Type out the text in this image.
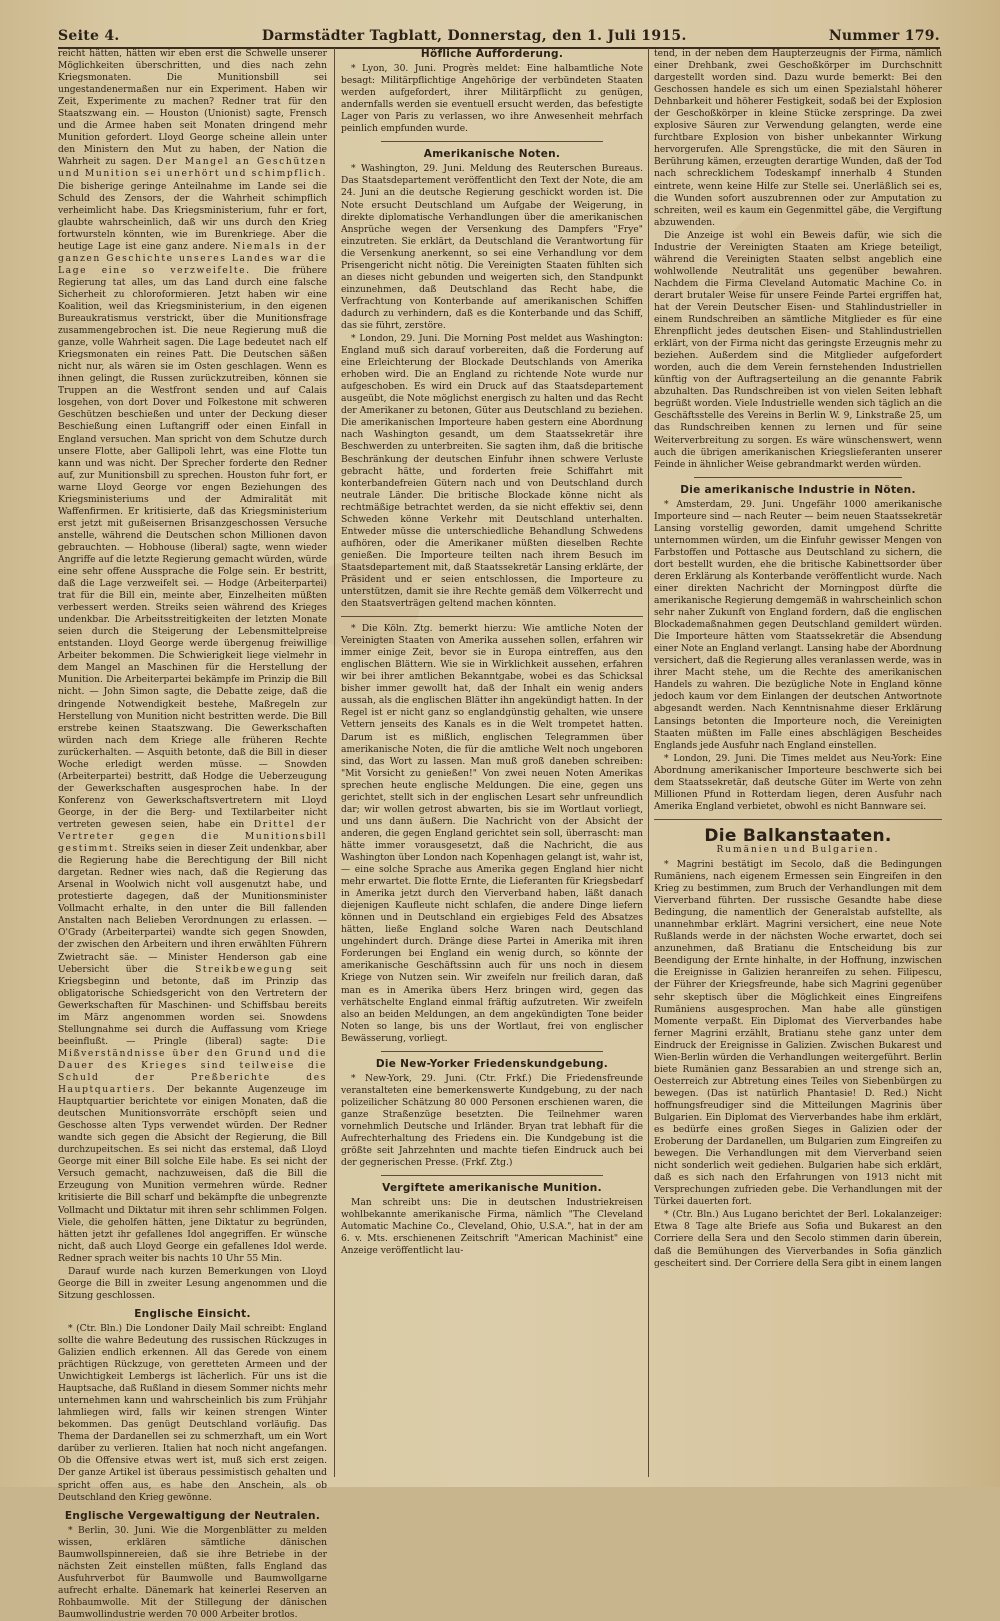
Seite 4.	Darmstädter Tagblatt, Donnerstag, den 1. Juli 1915.	Nummer 179.

reicht hätten, hätten wir eben erst die Schwelle unserer Möglichkeiten überschritten, und dies nach zehn Kriegsmonaten. Die Munitionsbill sei ungestandenermaßen nur ein Experiment. Haben wir Zeit, Experimente zu machen? Redner trat für den Staatszwang ein. — Houston (Unionist) sagte, Frensch und die Armee haben seit Monaten dringend mehr Munition gefordert. Lloyd George scheine allein unter den Ministern den Mut zu haben, der Nation die Wahrheit zu sagen. Der Mangel an Geschützen und Munition sei unerhört und schimpflich. Die bisherige geringe Anteilnahme im Lande sei die Schuld des Zensors, der die Wahrheit schimpflich verheimlicht habe. Das Kriegsministerium, fuhr er fort, glaubte wahrscheinlich, daß wir uns durch den Krieg fortwursteln könnten, wie im Burenkriege. Aber die heutige Lage ist eine ganz andere. Niemals in der ganzen Geschichte unseres Landes war die Lage eine so verzweifelte. Die frühere Regierung tat alles, um das Land durch eine falsche Sicherheit zu chloroformieren. Jetzt haben wir eine Koalition, weil das Kriegsministerium, in den eigenen Bureaukratismus verstrickt, über die Munitionsfrage zusammengebrochen ist. Die neue Regierung muß die ganze, volle Wahrheit sagen. Die Lage bedeutet nach elf Kriegsmonaten ein reines Patt. Die Deutschen säßen nicht nur, als wären sie im Osten geschlagen. Wenn es ihnen gelingt, die Russen zurückzutreiben, können sie Truppen an die Westfront senden und auf Calais losgehen, von dort Dover und Folkestone mit schweren Geschützen beschießen und unter der Deckung dieser Beschießung einen Luftangriff oder einen Einfall in England versuchen. Man spricht von dem Schutze durch unsere Flotte, aber Gallipoli lehrt, was eine Flotte tun kann und was nicht. Der Sprecher forderte den Redner auf, zur Munitionsbill zu sprechen. Houston fuhr fort, er warne Lloyd George vor engen Beziehungen des Kriegsministeriums und der Admiralität mit Waffenfirmen. Er kritisierte, daß das Kriegsministerium erst jetzt mit gußeisernen Brisanzgeschossen Versuche anstelle, während die Deutschen schon Millionen davon gebrauchten. — Hobhouse (liberal) sagte, wenn wieder Angriffe auf die letzte Regierung gemacht würden, würde eine sehr offene Aussprache die Folge sein. Er bestritt, daß die Lage verzweifelt sei. — Hodge (Arbeiterpartei) trat für die Bill ein, meinte aber, Einzelheiten müßten verbessert werden. Streiks seien während des Krieges undenkbar. Die Arbeitsstreitigkeiten der letzten Monate seien durch die Steigerung der Lebensmittelpreise entstanden. Lloyd George werde übergenug freiwillige Arbeiter bekommen. Die Schwierigkeit liege vielmehr in dem Mangel an Maschinen für die Herstellung der Munition. Die Arbeiterpartei bekämpfe im Prinzip die Bill nicht. — John Simon sagte, die Debatte zeige, daß die dringende Notwendigkeit bestehe, Maßregeln zur Herstellung von Munition nicht bestritten werde. Die Bill erstrebe keinen Staatszwang. Die Gewerkschaften würden nach dem Kriege alle früheren Rechte zurückerhalten. — Asquith betonte, daß die Bill in dieser Woche erledigt werden müsse. — Snowden (Arbeiterpartei) bestritt, daß Hodge die Ueberzeugung der Gewerkschaften ausgesprochen habe. In der Konferenz von Gewerkschaftsvertretern mit Lloyd George, in der die Berg- und Textilarbeiter nicht vertreten gewesen seien, habe ein Drittel der Vertreter gegen die Munitionsbill gestimmt. Streiks seien in dieser Zeit undenkbar, aber die Regierung habe die Berechtigung der Bill nicht dargetan. Redner wies nach, daß die Regierung das Arsenal in Woolwich nicht voll ausgenutzt habe, und protestierte dagegen, daß der Munitionsminister Vollmacht erhalte, in den unter die Bill fallenden Anstalten nach Belieben Verordnungen zu erlassen. — O'Grady (Arbeiterpartei) wandte sich gegen Snowden, der zwischen den Arbeitern und ihren erwählten Führern Zwietracht säe. — Minister Henderson gab eine Uebersicht über die Streikbewegung seit Kriegsbeginn und betonte, daß im Prinzip das obligatorische Schiedsgericht von den Vertretern der Gewerkschaften für Maschinen- und Schiffsbau bereits im März angenommen worden sei. Snowdens Stellungnahme sei durch die Auffassung vom Kriege beeinflußt. — Pringle (liberal) sagte: Die Mißverständnisse über den Grund und die Dauer des Krieges sind teilweise die Schuld der Preßberichte des Hauptquartiers. Der bekannte Augenzeuge im Hauptquartier berichtete vor einigen Monaten, daß die deutschen Munitionsvorräte erschöpft seien und Geschosse alten Typs verwendet würden. Der Redner wandte sich gegen die Absicht der Regierung, die Bill durchzupeitschen. Es sei nicht das erstemal, daß Lloyd George mit einer Bill solche Eile habe. Es sei nicht der Versuch gemacht, nachzuweisen, daß die Bill die Erzeugung von Munition vermehren würde. Redner kritisierte die Bill scharf und bekämpfte die unbegrenzte Vollmacht und Diktatur mit ihren sehr schlimmen Folgen. Viele, die geholfen hätten, jene Diktatur zu begründen, hätten jetzt ihr gefallenes Idol angegriffen. Er wünsche nicht, daß auch Lloyd George ein gefallenes Idol werde. Redner sprach weiter bis nachts 10 Uhr 55 Min.

Darauf wurde nach kurzen Bemerkungen von Lloyd George die Bill in zweiter Lesung angenommen und die Sitzung geschlossen.

Englische Einsicht.

* (Ctr. Bln.) Die Londoner Daily Mail schreibt: England sollte die wahre Bedeutung des russischen Rückzuges in Galizien endlich erkennen. All das Gerede von einem prächtigen Rückzuge, von geretteten Armeen und der Unwichtigkeit Lembergs ist lächerlich. Für uns ist die Hauptsache, daß Rußland in diesem Sommer nichts mehr unternehmen kann und wahrscheinlich bis zum Frühjahr lahmliegen wird, falls wir keinen strengen Winter bekommen. Das genügt Deutschland vorläufig. Das Thema der Dardanellen sei zu schmerzhaft, um ein Wort darüber zu verlieren. Italien hat noch nicht angefangen. Ob die Offensive etwas wert ist, muß sich erst zeigen. Der ganze Artikel ist überaus pessimistisch gehalten und spricht offen aus, es habe den Anschein, als ob Deutschland den Krieg gewönne.

Englische Vergewaltigung der Neutralen.

* Berlin, 30. Juni. Wie die Morgenblätter zu melden wissen, erklären sämtliche dänischen Baumwollspinnereien, daß sie ihre Betriebe in der nächsten Zeit einstellen müßten, falls England das Ausfuhrverbot für Baumwolle und Baumwollgarne aufrecht erhalte. Dänemark hat keinerlei Reserven an Rohbaumwolle. Mit der Stillegung der dänischen Baumwollindustrie werden 70 000 Arbeiter brotlos.

Höfliche Aufforderung.

* Lyon, 30. Juni. Progrès meldet: Eine halbamtliche Note besagt: Militärpflichtige Angehörige der verbündeten Staaten werden aufgefordert, ihrer Militärpflicht zu genügen, andernfalls werden sie eventuell ersucht werden, das befestigte Lager von Paris zu verlassen, wo ihre Anwesenheit mehrfach peinlich empfunden wurde.

Amerikanische Noten.

* Washington, 29. Juni. Meldung des Reuterschen Bureaus. Das Staatsdepartement veröffentlicht den Text der Note, die am 24. Juni an die deutsche Regierung geschickt worden ist. Die Note ersucht Deutschland um Aufgabe der Weigerung, in direkte diplomatische Verhandlungen über die amerikanischen Ansprüche wegen der Versenkung des Dampfers "Frye" einzutreten. Sie erklärt, da Deutschland die Verantwortung für die Versenkung anerkennt, so sei eine Verhandlung vor dem Prisengericht nicht nötig. Die Vereinigten Staaten fühlten sich an dieses nicht gebunden und weigerten sich, den Standpunkt einzunehmen, daß Deutschland das Recht habe, die Verfrachtung von Konterbande auf amerikanischen Schiffen dadurch zu verhindern, daß es die Konterbande und das Schiff, das sie führt, zerstöre.

* London, 29. Juni. Die Morning Post meldet aus Washington: England muß sich darauf vorbereiten, daß die Forderung auf eine Erleichterung der Blockade Deutschlands von Amerika erhoben wird. Die an England zu richtende Note wurde nur aufgeschoben. Es wird ein Druck auf das Staatsdepartement ausgeübt, die Note möglichst energisch zu halten und das Recht der Amerikaner zu betonen, Güter aus Deutschland zu beziehen. Die amerikanischen Importeure haben gestern eine Abordnung nach Washington gesandt, um dem Staatssekretär ihre Beschwerden zu unterbreiten. Sie sagten ihm, daß die britische Beschränkung der deutschen Einfuhr ihnen schwere Verluste gebracht hätte, und forderten freie Schiffahrt mit konterbandefreien Gütern nach und von Deutschland durch neutrale Länder. Die britische Blockade könne nicht als rechtmäßige betrachtet werden, da sie nicht effektiv sei, denn Schweden könne Verkehr mit Deutschland unterhalten. Entweder müsse die unterschiedliche Behandlung Schwedens aufhören, oder die Amerikaner müßten dieselben Rechte genießen. Die Importeure teilten nach ihrem Besuch im Staatsdepartement mit, daß Staatssekretär Lansing erklärte, der Präsident und er seien entschlossen, die Importeure zu unterstützen, damit sie ihre Rechte gemäß dem Völkerrecht und den Staatsverträgen geltend machen könnten.

* Die Köln. Ztg. bemerkt hierzu: Wie amtliche Noten der Vereinigten Staaten von Amerika aussehen sollen, erfahren wir immer einige Zeit, bevor sie in Europa eintreffen, aus den englischen Blättern. Wie sie in Wirklichkeit aussehen, erfahren wir bei ihrer amtlichen Bekanntgabe, wobei es das Schicksal bisher immer gewollt hat, daß der Inhalt ein wenig anders aussah, als die englischen Blätter ihn angekündigt hatten. In der Regel ist er nicht ganz so englandgünstig gehalten, wie unsere Vettern jenseits des Kanals es in die Welt trompetet hatten. Darum ist es mißlich, englischen Telegrammen über amerikanische Noten, die für die amtliche Welt noch ungeboren sind, das Wort zu lassen. Man muß groß daneben schreiben: "Mit Vorsicht zu genießen!" Von zwei neuen Noten Amerikas sprechen heute englische Meldungen. Die eine, gegen uns gerichtet, stellt sich in der englischen Lesart sehr unfreundlich dar; wir wollen getrost abwarten, bis sie im Wortlaut vorliegt, und uns dann äußern. Die Nachricht von der Absicht der anderen, die gegen England gerichtet sein soll, überrascht: man hätte immer vorausgesetzt, daß die Nachricht, die aus Washington über London nach Kopenhagen gelangt ist, wahr ist, — eine solche Sprache aus Amerika gegen England hier nicht mehr erwartet. Die flotte Ernte, die Lieferanten für Kriegsbedarf in Amerika jetzt durch den Vierverband haben, läßt danach diejenigen Kaufleute nicht schlafen, die andere Dinge liefern können und in Deutschland ein ergiebiges Feld des Absatzes hätten, ließe England solche Waren nach Deutschland ungehindert durch. Dränge diese Partei in Amerika mit ihren Forderungen bei England ein wenig durch, so könnte der amerikanische Geschäftssinn auch für uns noch in diesem Kriege von Nutzen sein. Wir zweifeln nur freilich daran, daß man es in Amerika übers Herz bringen wird, gegen das verhätschelte England einmal fräftig aufzutreten. Wir zweifeln also an beiden Meldungen, an dem angekündigten Tone beider Noten so lange, bis uns der Wortlaut, frei von englischer Bewässerung, vorliegt.

Die New-Yorker Friedenskundgebung.

* New-York, 29. Juni. (Ctr. Frkf.) Die Friedensfreunde veranstalteten eine bemerkenswerte Kundgebung, zu der nach polizeilicher Schätzung 80 000 Personen erschienen waren, die ganze Straßenzüge besetzten. Die Teilnehmer waren vornehmlich Deutsche und Irländer. Bryan trat lebhaft für die Aufrechterhaltung des Friedens ein. Die Kundgebung ist die größte seit Jahrzehnten und machte tiefen Eindruck auch bei der gegnerischen Presse. (Frkf. Ztg.)

Vergiftete amerikanische Munition.

Man schreibt uns: Die in deutschen Industriekreisen wohlbekannte amerikanische Firma, nämlich "The Cleveland Automatic Machine Co., Cleveland, Ohio, U.S.A.", hat in der am 6. v. Mts. erschienenen Zeitschrift "American Machinist" eine Anzeige veröffentlicht lau-

tend, in der neben dem Haupterzeugnis der Firma, nämlich einer Drehbank, zwei Geschoßkörper im Durchschnitt dargestellt worden sind. Dazu wurde bemerkt: Bei den Geschossen handele es sich um einen Spezialstahl höherer Dehnbarkeit und höherer Festigkeit, sodaß bei der Explosion der Geschoßkörper in kleine Stücke zerspringe. Da zwei explosive Säuren zur Verwendung gelangten, werde eine furchtbare Explosion von bisher unbekannter Wirkung hervorgerufen. Alle Sprengstücke, die mit den Säuren in Berührung kämen, erzeugten derartige Wunden, daß der Tod nach schrecklichem Todeskampf innerhalb 4 Stunden eintrete, wenn keine Hilfe zur Stelle sei. Unerläßlich sei es, die Wunden sofort auszubrennen oder zur Amputation zu schreiten, weil es kaum ein Gegenmittel gäbe, die Vergiftung abzuwenden.

Die Anzeige ist wohl ein Beweis dafür, wie sich die Industrie der Vereinigten Staaten am Kriege beteiligt, während die Vereinigten Staaten selbst angeblich eine wohlwollende Neutralität uns gegenüber bewahren. Nachdem die Firma Cleveland Automatic Machine Co. in derart brutaler Weise für unsere Feinde Partei ergriffen hat, hat der Verein Deutscher Eisen- und Stahlindustrieller in einem Rundschreiben an sämtliche Mitglieder es für eine Ehrenpflicht jedes deutschen Eisen- und Stahlindustriellen erklärt, von der Firma nicht das geringste Erzeugnis mehr zu beziehen. Außerdem sind die Mitglieder aufgefordert worden, auch die dem Verein fernstehenden Industriellen künftig von der Auftragserteilung an die genannte Fabrik abzuhalten. Das Rundschreiben ist von vielen Seiten lebhaft begrüßt worden. Viele Industrielle wenden sich täglich an die Geschäftsstelle des Vereins in Berlin W. 9, Linkstraße 25, um das Rundschreiben kennen zu lernen und für seine Weiterverbreitung zu sorgen. Es wäre wünschenswert, wenn auch die übrigen amerikanischen Kriegslieferanten unserer Feinde in ähnlicher Weise gebrandmarkt werden würden.

Die amerikanische Industrie in Nöten.

* Amsterdam, 29. Juni. Ungefähr 1000 amerikanische Importeure sind — nach Reuter — beim neuen Staatssekretär Lansing vorstellig geworden, damit umgehend Schritte unternommen würden, um die Einfuhr gewisser Mengen von Farbstoffen und Pottasche aus Deutschland zu sichern, die dort bestellt wurden, ehe die britische Kabinettsorder über deren Erklärung als Konterbande veröffentlicht wurde. Nach einer direkten Nachricht der Morningpost dürfte die amerikanische Regierung demgemäß in wahrscheinlich schon sehr naher Zukunft von England fordern, daß die englischen Blockademaßnahmen gegen Deutschland gemildert würden. Die Importeure hätten vom Staatssekretär die Absendung einer Note an England verlangt. Lansing habe der Abordnung versichert, daß die Regierung alles veranlassen werde, was in ihrer Macht stehe, um die Rechte des amerikanischen Handels zu wahren. Die bezügliche Note in England könne jedoch kaum vor dem Einlangen der deutschen Antwortnote abgesandt werden. Nach Kenntnisnahme dieser Erklärung Lansings betonten die Importeure noch, die Vereinigten Staaten müßten im Falle eines abschlägigen Bescheides Englands jede Ausfuhr nach England einstellen.

* London, 29. Juni. Die Times meldet aus Neu-York: Eine Abordnung amerikanischer Importeure beschwerte sich bei dem Staatssekretär, daß deutsche Güter im Werte von zehn Millionen Pfund in Rotterdam liegen, deren Ausfuhr nach Amerika England verbietet, obwohl es nicht Bannware sei.

Die Balkanstaaten.
Rumänien und Bulgarien.

* Magrini bestätigt im Secolo, daß die Bedingungen Rumäniens, nach eigenem Ermessen sein Eingreifen in den Krieg zu bestimmen, zum Bruch der Verhandlungen mit dem Vierverband führten. Der russische Gesandte habe diese Bedingung, die namentlich der Generalstab aufstellte, als unannehmbar erklärt. Magrini versichert, eine neue Note Rußlands werde in der nächsten Woche erwartet, doch sei anzunehmen, daß Bratianu die Entscheidung bis zur Beendigung der Ernte hinhalte, in der Hoffnung, inzwischen die Ereignisse in Galizien heranreifen zu sehen. Filipescu, der Führer der Kriegsfreunde, habe sich Magrini gegenüber sehr skeptisch über die Möglichkeit eines Eingreifens Rumäniens ausgesprochen. Man habe alle günstigen Momente verpaßt. Ein Diplomat des Vierverbandes habe ferner Magrini erzählt, Bratianu stehe ganz unter dem Eindruck der Ereignisse in Galizien. Zwischen Bukarest und Wien-Berlin würden die Verhandlungen weitergeführt. Berlin biete Rumänien ganz Bessarabien an und strenge sich an, Oesterreich zur Abtretung eines Teiles von Siebenbürgen zu bewegen. (Das ist natürlich Phantasie! D. Red.) Nicht hoffnungsfreudiger sind die Mitteilungen Magrinis über Bulgarien. Ein Diplomat des Vierverbandes habe ihm erklärt, es bedürfe eines großen Sieges in Galizien oder der Eroberung der Dardanellen, um Bulgarien zum Eingreifen zu bewegen. Die Verhandlungen mit dem Vierverband seien nicht sonderlich weit gediehen. Bulgarien habe sich erklärt, daß es sich nach den Erfahrungen von 1913 nicht mit Versprechungen zufrieden gebe. Die Verhandlungen mit der Türkei dauerten fort.

* (Ctr. Bln.) Aus Lugano berichtet der Berl. Lokalanzeiger: Etwa 8 Tage alte Briefe aus Sofia und Bukarest an den Corriere della Sera und den Secolo stimmen darin überein, daß die Bemühungen des Vierverbandes in Sofia gänzlich gescheitert sind. Der Corriere della Sera gibt in einem langen
